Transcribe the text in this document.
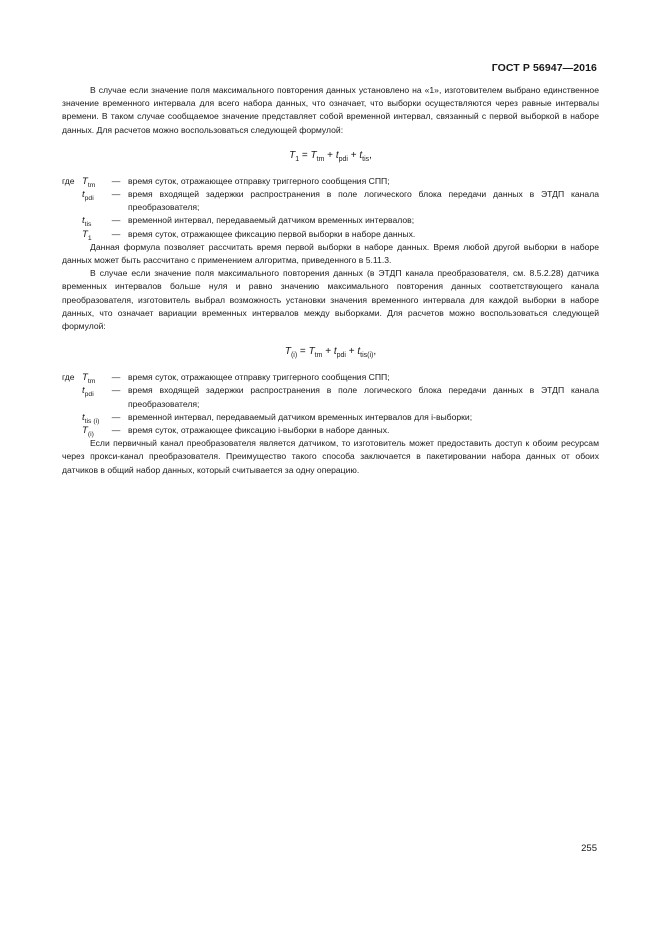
ГОСТ Р 56947—2016

В случае если значение поля максимального повторения данных установлено на «1», изготовителем выбрано единственное значение временного интервала для всего набора данных, что означает, что выборки осуществляются через равные интервалы времени. В таком случае сообщаемое значение представляет собой временной интервал, связанный с первой выборкой в наборе данных. Для расчетов можно воспользоваться следующей формулой:

$T_1 = T_{tm} + t_{pdi} + t_{tis}$,
где $T_{tm}$	— время суток, отражающее отправку триггерного сообщения СПП;
$t_{pdi}$	— время входящей задержки распространения в поле логического блока передачи данных в ЭТДП канала преобразователя;
$t_{tis}$	— временной интервал, передаваемый датчиком временных интервалов;
$T_1$	— время суток, отражающее фиксацию первой выборки в наборе данных.

Данная формула позволяет рассчитать время первой выборки в наборе данных. Время любой другой выборки в наборе данных может быть рассчитано с применением алгоритма, приведенного в 5.11.3.

В случае если значение поля максимального повторения данных (в ЭТДП канала преобразователя, см. 8.5.2.28) датчика временных интервалов больше нуля и равно значению максимального повторения данных соответствующего канала преобразователя, изготовитель выбрал возможность установки значения временного интервала для каждой выборки в наборе данных, что означает вариации временных интервалов между выборками. Для расчетов можно воспользоваться следующей формулой:

$T_{(i)} = T_{tm} + t_{pdi} + t_{tis(i)}$,
где $T_{tm}$	— время суток, отражающее отправку триггерного сообщения СПП;
$t_{pdi}$	— время входящей задержки распространения в поле логического блока передачи данных в ЭТДП канала преобразователя;
$t_{tis (i)}$	— временной интервал, передаваемый датчиком временных интервалов для i-выборки;
$T_{(i)}$	— время суток, отражающее фиксацию i-выборки в наборе данных.

Если первичный канал преобразователя является датчиком, то изготовитель может предоставить доступ к обоим ресурсам через прокси-канал преобразователя. Преимущество такого способа заключается в пакетировании набора данных от обоих датчиков в общий набор данных, который считывается за одну операцию.

255
